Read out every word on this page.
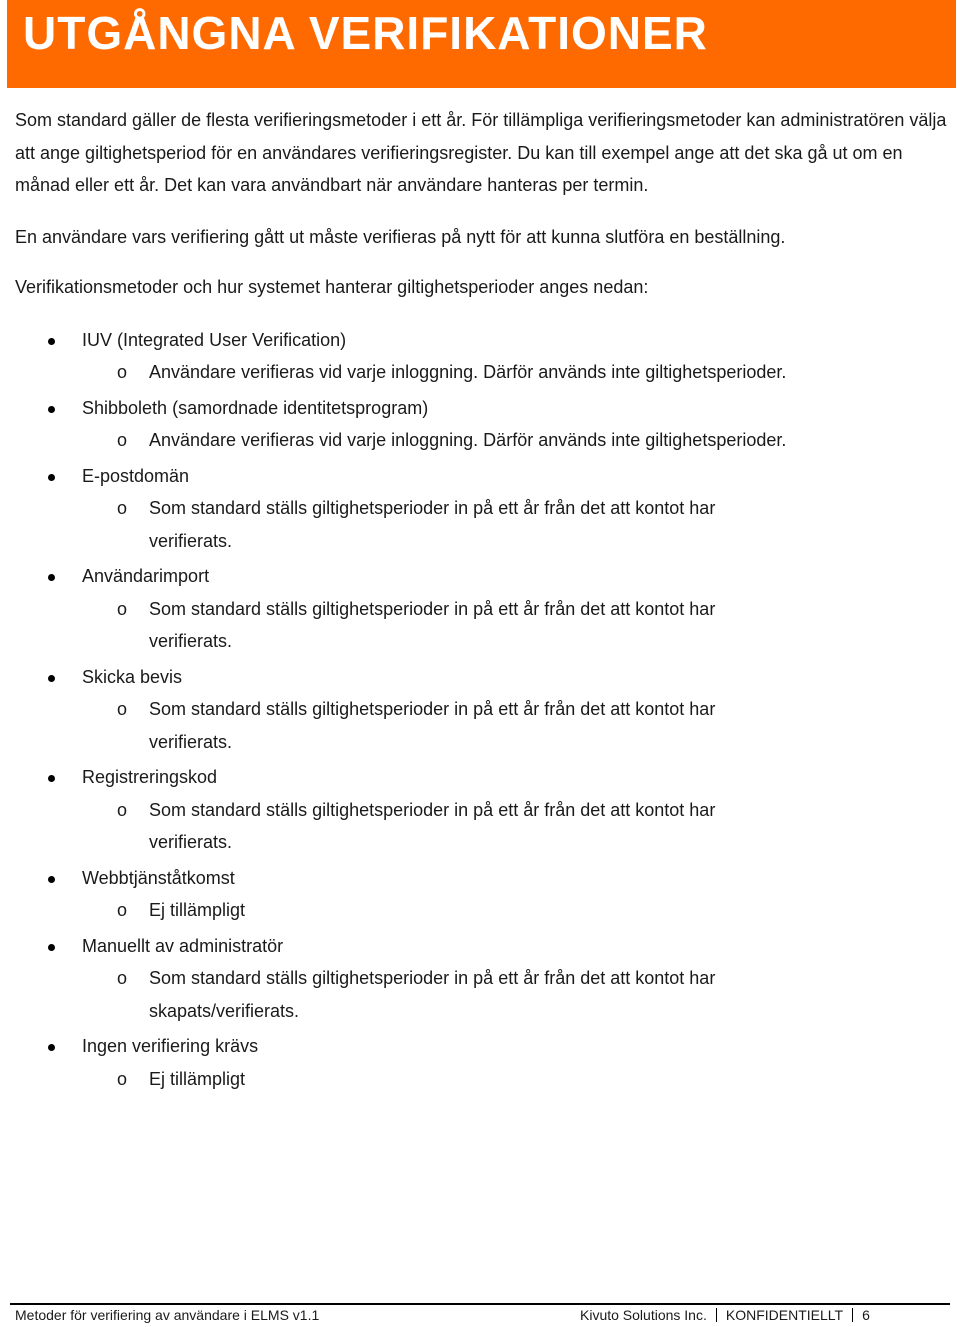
UTGÅNGNA VERIFIKATIONER

Som standard gäller de flesta verifieringsmetoder i ett år. För tillämpliga verifieringsmetoder kan administratören välja att ange giltighetsperiod för en användares verifieringsregister. Du kan till exempel ange att det ska gå ut om en månad eller ett år. Det kan vara användbart när användare hanteras per termin.

En användare vars verifiering gått ut måste verifieras på nytt för att kunna slutföra en beställning.

Verifikationsmetoder och hur systemet hanterar giltighetsperioder anges nedan:

IUV (Integrated User Verification)
o Användare verifieras vid varje inloggning. Därför används inte giltighetsperioder.
Shibboleth (samordnade identitetsprogram)
o Användare verifieras vid varje inloggning. Därför används inte giltighetsperioder.
E-postdomän
o Som standard ställs giltighetsperioder in på ett år från det att kontot har verifierats.
Användarimport
o Som standard ställs giltighetsperioder in på ett år från det att kontot har verifierats.
Skicka bevis
o Som standard ställs giltighetsperioder in på ett år från det att kontot har verifierats.
Registreringskod
o Som standard ställs giltighetsperioder in på ett år från det att kontot har verifierats.
Webbtjänståtkomst
o Ej tillämpligt
Manuellt av administratör
o Som standard ställs giltighetsperioder in på ett år från det att kontot har skapats/verifierats.
Ingen verifiering krävs
o Ej tillämpligt
Metoder för verifiering av användare i ELMS v1.1	Kivuto Solutions Inc. KONFIDENTIELLT 6
